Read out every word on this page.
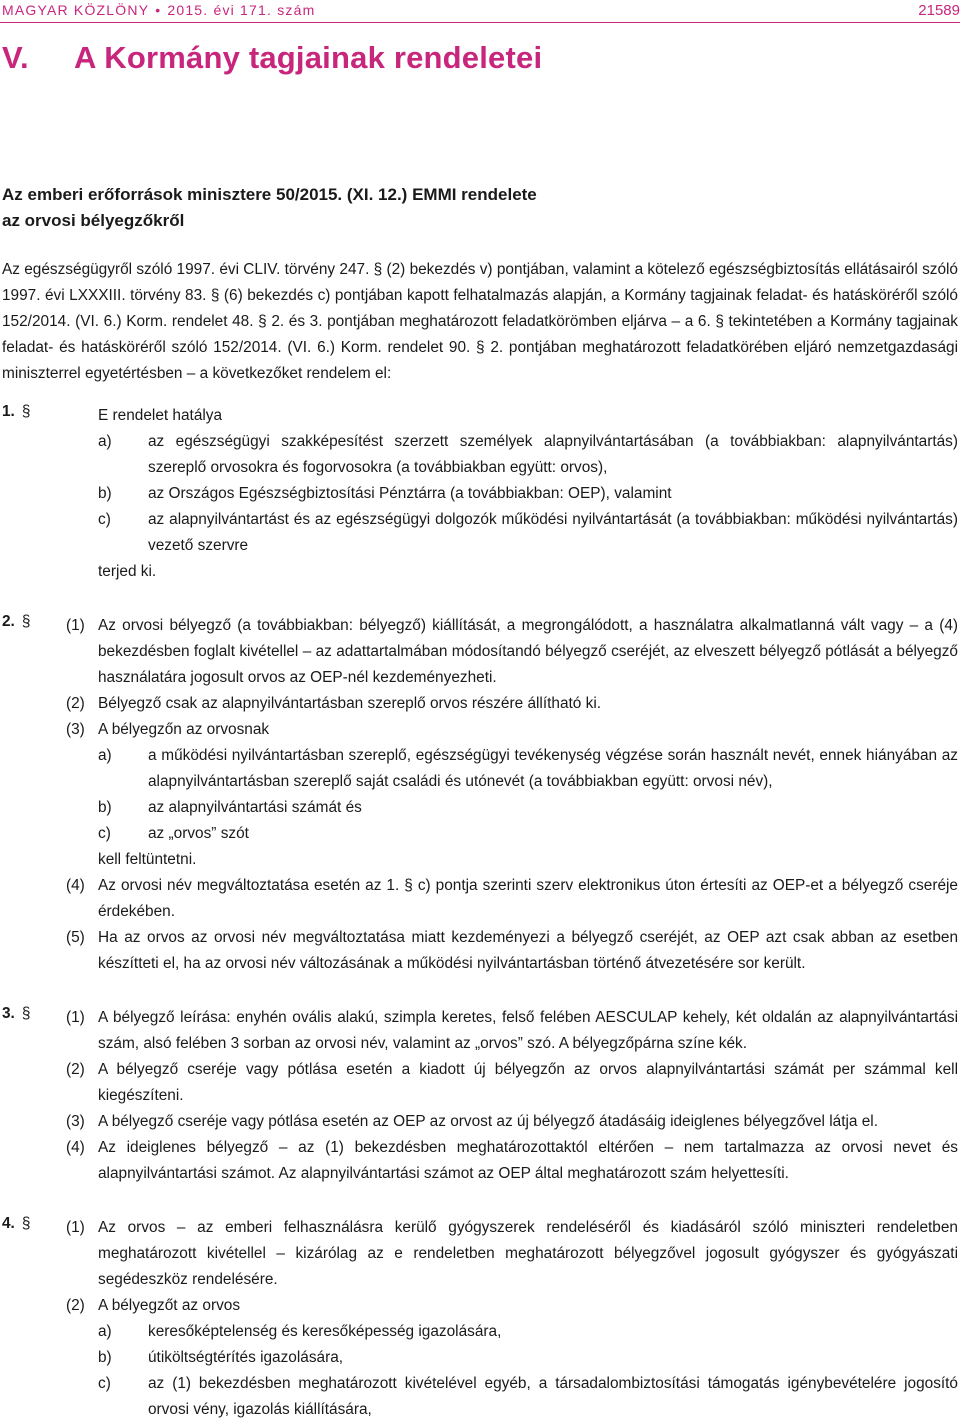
MAGYAR KÖZLÖNY • 2015. évi 171. szám	21589
V. A Kormány tagjainak rendeletei
Az emberi erőforrások minisztere 50/2015. (XI. 12.) EMMI rendelete
az orvosi bélyegzőkről

Az egészségügyről szóló 1997. évi CLIV. törvény 247. § (2) bekezdés v) pontjában, valamint a kötelező egészségbiztosítás ellátásairól szóló 1997. évi LXXXIII. törvény 83. § (6) bekezdés c) pontjában kapott felhatalmazás alapján, a Kormány tagjainak feladat- és hatásköréről szóló 152/2014. (VI. 6.) Korm. rendelet 48. § 2. és 3. pontjában meghatározott feladatkörömben eljárva – a 6. § tekintetében a Kormány tagjainak feladat- és hatásköréről szóló 152/2014. (VI. 6.) Korm. rendelet 90. § 2. pontjában meghatározott feladatkörében eljáró nemzetgazdasági miniszterrel egyetértésben – a következőket rendelem el:

1. §	E rendelet hatálya
a) az egészségügyi szakképesítést szerzett személyek alapnyilvántartásában (a továbbiakban: alapnyilvántartás) szereplő orvosokra és fogorvosokra (a továbbiakban együtt: orvos),
b) az Országos Egészségbiztosítási Pénztárra (a továbbiakban: OEP), valamint
c) az alapnyilvántartást és az egészségügyi dolgozók működési nyilvántartását (a továbbiakban: működési nyilvántartás) vezető szervre
terjed ki.
2. § (1) Az orvosi bélyegző (a továbbiakban: bélyegző) kiállítását, a megrongálódott, a használatra alkalmatlanná vált vagy – a (4) bekezdésben foglalt kivétellel – az adattartalmában módosítandó bélyegző cseréjét, az elveszett bélyegző pótlását a bélyegző használatára jogosult orvos az OEP-nél kezdeményezheti.
(2) Bélyegző csak az alapnyilvántartásban szereplő orvos részére állítható ki.
(3) A bélyegzőn az orvosnak
a) a működési nyilvántartásban szereplő, egészségügyi tevékenység végzése során használt nevét, ennek hiányában az alapnyilvántartásban szereplő saját családi és utónevét (a továbbiakban együtt: orvosi név),
b) az alapnyilvántartási számát és
c) az „orvos” szót
kell feltüntetni.
(4) Az orvosi név megváltoztatása esetén az 1. § c) pontja szerinti szerv elektronikus úton értesíti az OEP-et a bélyegző cseréje érdekében.
(5) Ha az orvos az orvosi név megváltoztatása miatt kezdeményezi a bélyegző cseréjét, az OEP azt csak abban az esetben készítteti el, ha az orvosi név változásának a működési nyilvántartásban történő átvezetésére sor került.
3. § (1) A bélyegző leírása: enyhén ovális alakú, szimpla keretes, felső felében AESCULAP kehely, két oldalán az alapnyilvántartási szám, alsó felében 3 sorban az orvosi név, valamint az „orvos” szó. A bélyegzőpárna színe kék.
(2) A bélyegző cseréje vagy pótlása esetén a kiadott új bélyegzőn az orvos alapnyilvántartási számát per számmal kell kiegészíteni.
(3) A bélyegző cseréje vagy pótlása esetén az OEP az orvost az új bélyegző átadásáig ideiglenes bélyegzővel látja el.
(4) Az ideiglenes bélyegző – az (1) bekezdésben meghatározottaktól eltérően – nem tartalmazza az orvosi nevet és alapnyilvántartási számot. Az alapnyilvántartási számot az OEP által meghatározott szám helyettesíti.
4. § (1) Az orvos – az emberi felhasználásra kerülő gyógyszerek rendeléséről és kiadásáról szóló miniszteri rendeletben meghatározott kivétellel – kizárólag az e rendeletben meghatározott bélyegzővel jogosult gyógyszer és gyógyászati segédeszköz rendelésére.
(2) A bélyegzőt az orvos
a) keresőképtelenség és keresőképesség igazolására,
b) útiköltségtérítés igazolására,
c) az (1) bekezdésben meghatározott kivételével egyéb, a társadalombiztosítási támogatás igénybevételére jogosító orvosi vény, igazolás kiállítására,
